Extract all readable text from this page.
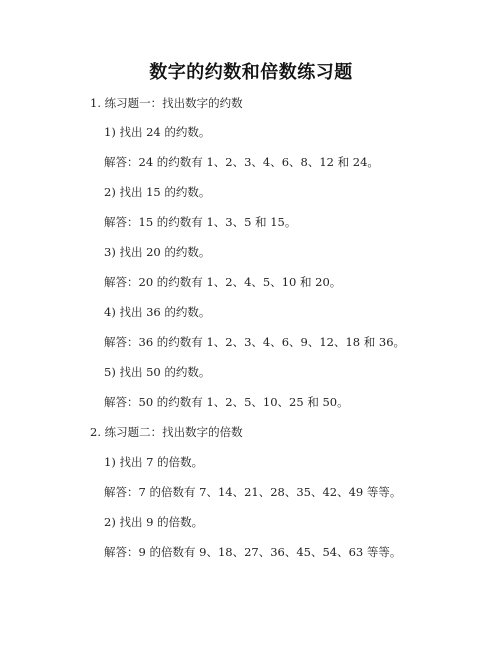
数字的约数和倍数练习题
1. 练习题一：找出数字的约数
1) 找出 24 的约数。
解答：24 的约数有 1、2、3、4、6、8、12 和 24。
2) 找出 15 的约数。
解答：15 的约数有 1、3、5 和 15。
3) 找出 20 的约数。
解答：20 的约数有 1、2、4、5、10 和 20。
4) 找出 36 的约数。
解答：36 的约数有 1、2、3、4、6、9、12、18 和 36。
5) 找出 50 的约数。
解答：50 的约数有 1、2、5、10、25 和 50。
2. 练习题二：找出数字的倍数
1) 找出 7 的倍数。
解答：7 的倍数有 7、14、21、28、35、42、49 等等。
2) 找出 9 的倍数。
解答：9 的倍数有 9、18、27、36、45、54、63 等等。
